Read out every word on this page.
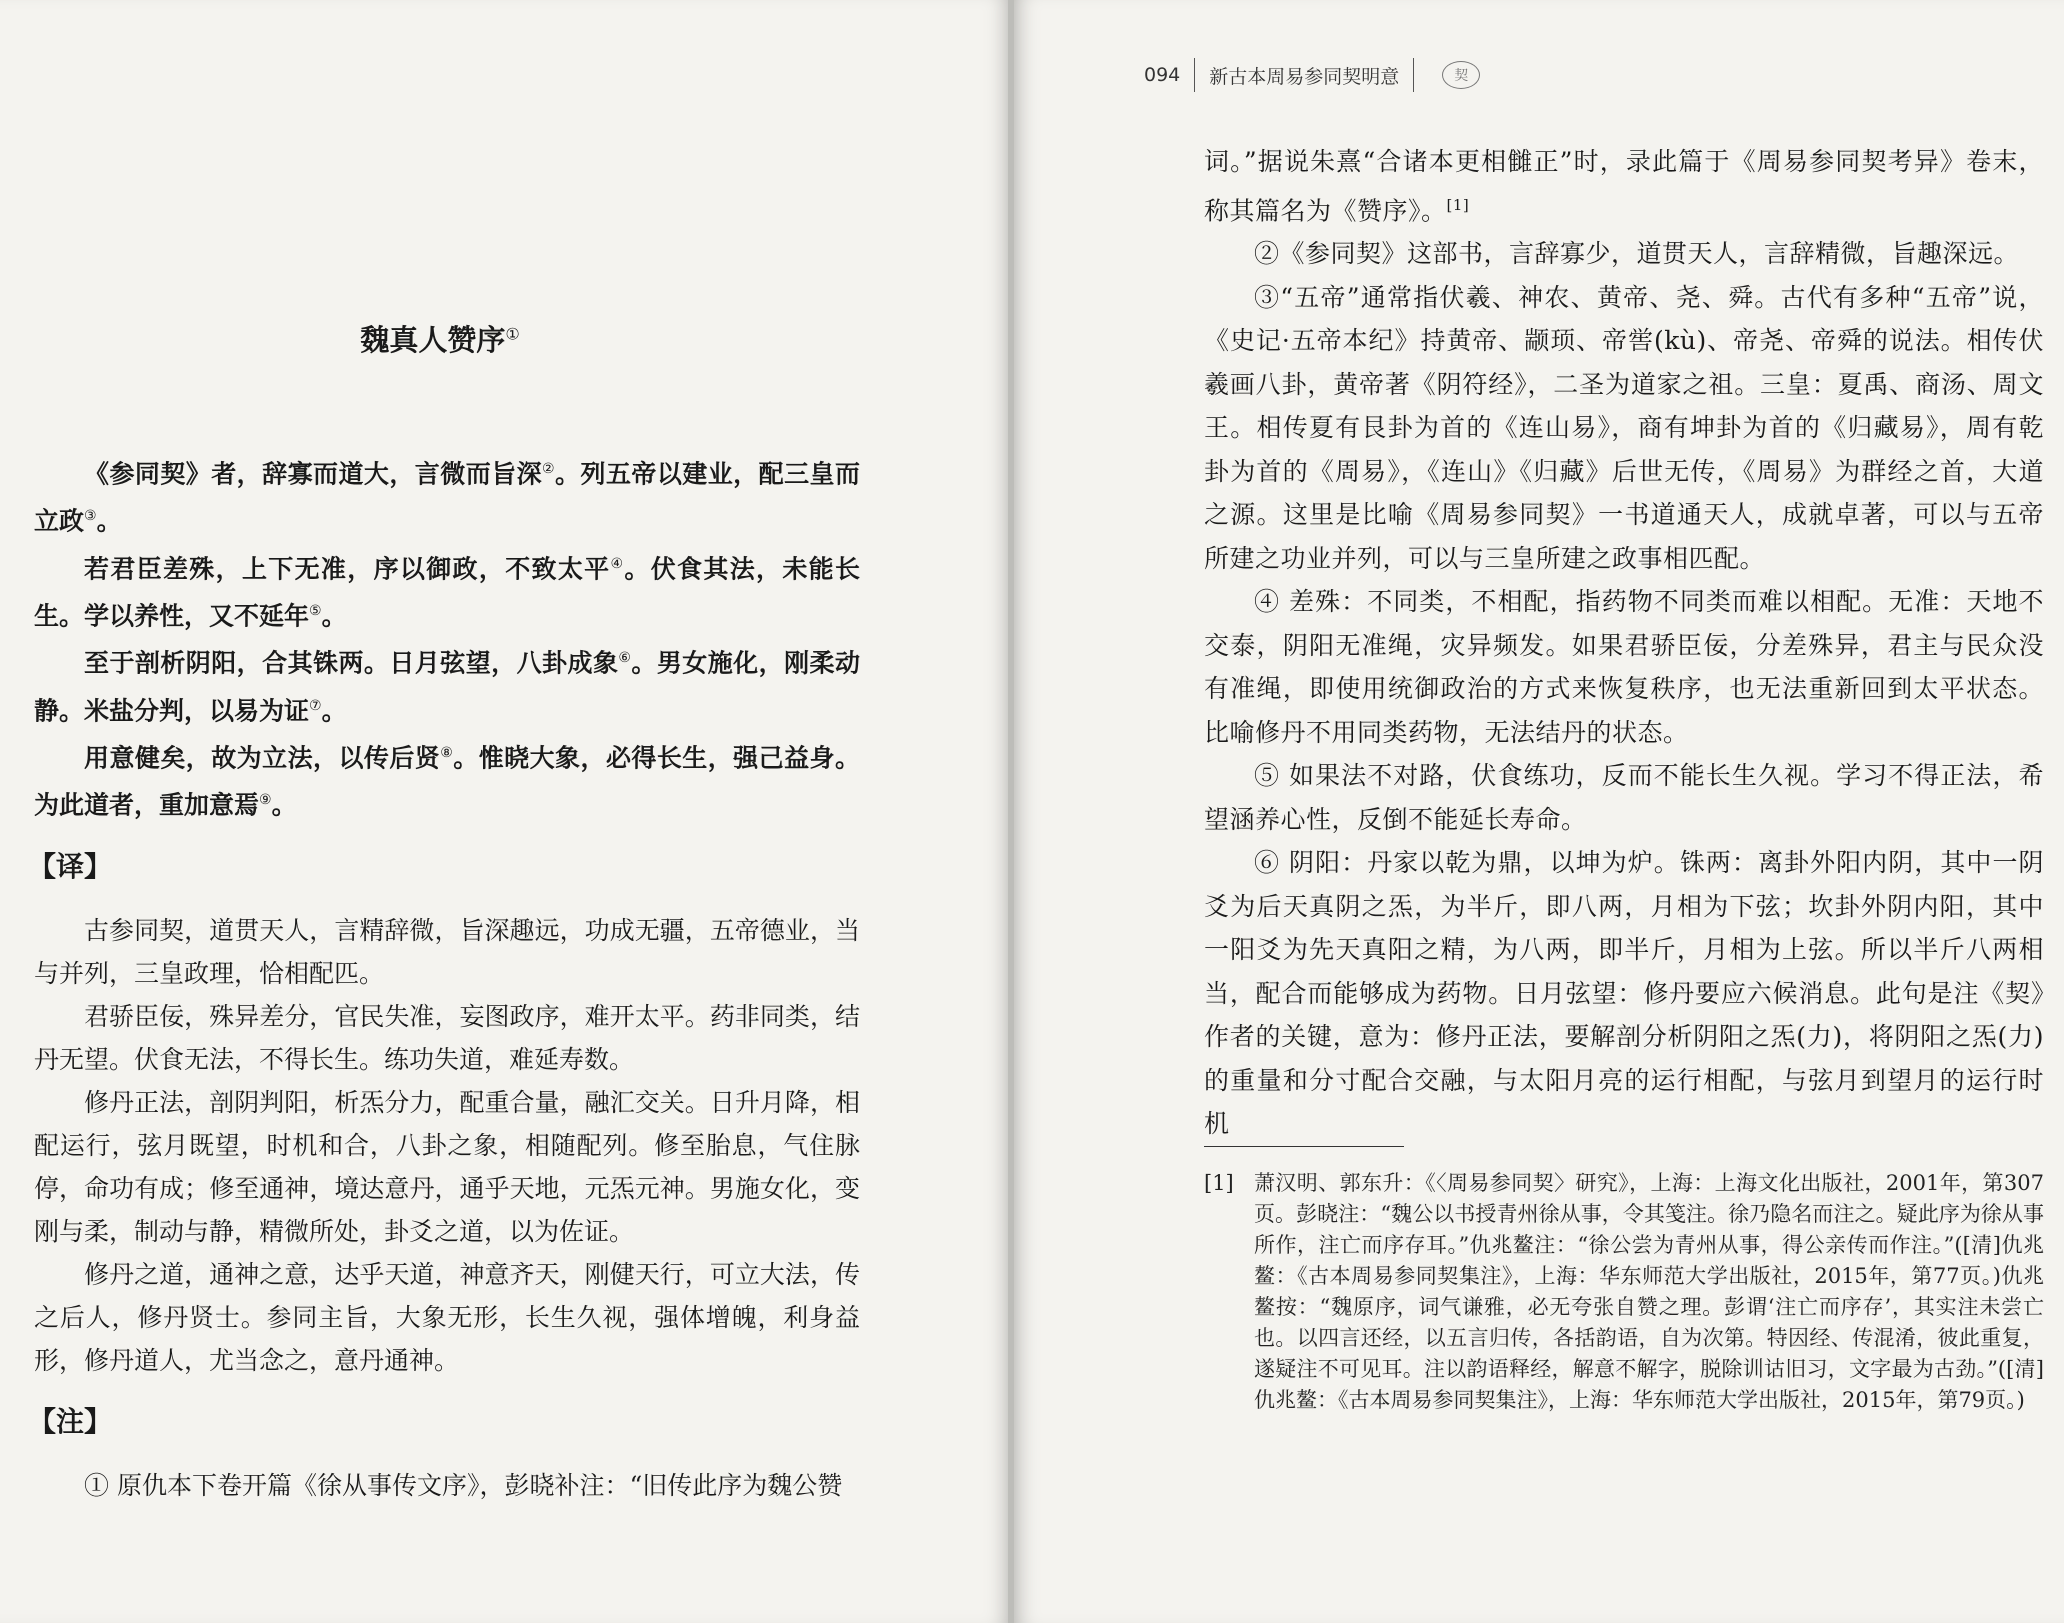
魏真人赞序①

《参同契》者，辞寡而道大，言微而旨深②。列五帝以建业，配三皇而立政③。

若君臣差殊，上下无准，序以御政，不致太平④。伏食其法，未能长生。学以养性，又不延年⑤。

至于剖析阴阳，合其铢两。日月弦望，八卦成象⑥。男女施化，刚柔动静。米盐分判，以易为证⑦。

用意健矣，故为立法，以传后贤⑧。惟晓大象，必得长生，强己益身。为此道者，重加意焉⑨。

【译】

古参同契，道贯天人，言精辞微，旨深趣远，功成无疆，五帝德业，当与并列，三皇政理，恰相配匹。

君骄臣佞，殊异差分，官民失准，妄图政序，难开太平。药非同类，结丹无望。伏食无法，不得长生。练功失道，难延寿数。

修丹正法，剖阴判阳，析炁分力，配重合量，融汇交关。日升月降，相配运行，弦月既望，时机和合，八卦之象，相随配列。修至胎息，气住脉停，命功有成；修至通神，境达意丹，通乎天地，元炁元神。男施女化，变刚与柔，制动与静，精微所处，卦爻之道，以为佐证。

修丹之道，通神之意，达乎天道，神意齐天，刚健天行，可立大法，传之后人，修丹贤士。参同主旨，大象无形，长生久视，强体增魄，利身益形，修丹道人，尤当念之，意丹通神。

【注】

① 原仇本下卷开篇《徐从事传文序》，彭晓补注：“旧传此序为魏公赞

094 新古本周易参同契明意	契

词。”据说朱熹“合诸本更相雠正”时，录此篇于《周易参同契考异》卷末，称其篇名为《赞序》。[1]

②《参同契》这部书，言辞寡少，道贯天人，言辞精微，旨趣深远。

③“五帝”通常指伏羲、神农、黄帝、尧、舜。古代有多种“五帝”说，《史记·五帝本纪》持黄帝、颛顼、帝喾(kù)、帝尧、帝舜的说法。相传伏羲画八卦，黄帝著《阴符经》，二圣为道家之祖。三皇：夏禹、商汤、周文王。相传夏有艮卦为首的《连山易》，商有坤卦为首的《归藏易》，周有乾卦为首的《周易》，《连山》《归藏》后世无传，《周易》为群经之首，大道之源。这里是比喻《周易参同契》一书道通天人，成就卓著，可以与五帝所建之功业并列，可以与三皇所建之政事相匹配。

④ 差殊：不同类，不相配，指药物不同类而难以相配。无准：天地不交泰，阴阳无准绳，灾异频发。如果君骄臣佞，分差殊异，君主与民众没有准绳，即使用统御政治的方式来恢复秩序，也无法重新回到太平状态。比喻修丹不用同类药物，无法结丹的状态。

⑤ 如果法不对路，伏食练功，反而不能长生久视。学习不得正法，希望涵养心性，反倒不能延长寿命。

⑥ 阴阳：丹家以乾为鼎，以坤为炉。铢两：离卦外阳内阴，其中一阴爻为后天真阴之炁，为半斤，即八两，月相为下弦；坎卦外阴内阳，其中一阳爻为先天真阳之精，为八两，即半斤，月相为上弦。所以半斤八两相当，配合而能够成为药物。日月弦望：修丹要应六候消息。此句是注《契》作者的关键，意为：修丹正法，要解剖分析阴阳之炁(力)，将阴阳之炁(力)的重量和分寸配合交融，与太阳月亮的运行相配，与弦月到望月的运行时机

[1] 萧汉明、郭东升：《〈周易参同契〉研究》，上海：上海文化出版社，2001年，第307页。彭晓注：“魏公以书授青州徐从事，令其笺注。徐乃隐名而注之。疑此序为徐从事所作，注亡而序存耳。”仇兆鳌注：“徐公尝为青州从事，得公亲传而作注。”([清]仇兆鳌：《古本周易参同契集注》，上海：华东师范大学出版社，2015年，第77页。)仇兆鳌按：“魏原序，词气谦雅，必无夸张自赞之理。彭谓‘注亡而序存’，其实注未尝亡也。以四言还经，以五言归传，各括韵语，自为次第。特因经、传混淆，彼此重复，遂疑注不可见耳。注以韵语释经，解意不解字，脱除训诂旧习，文字最为古劲。”([清]仇兆鳌：《古本周易参同契集注》，上海：华东师范大学出版社，2015年，第79页。)
